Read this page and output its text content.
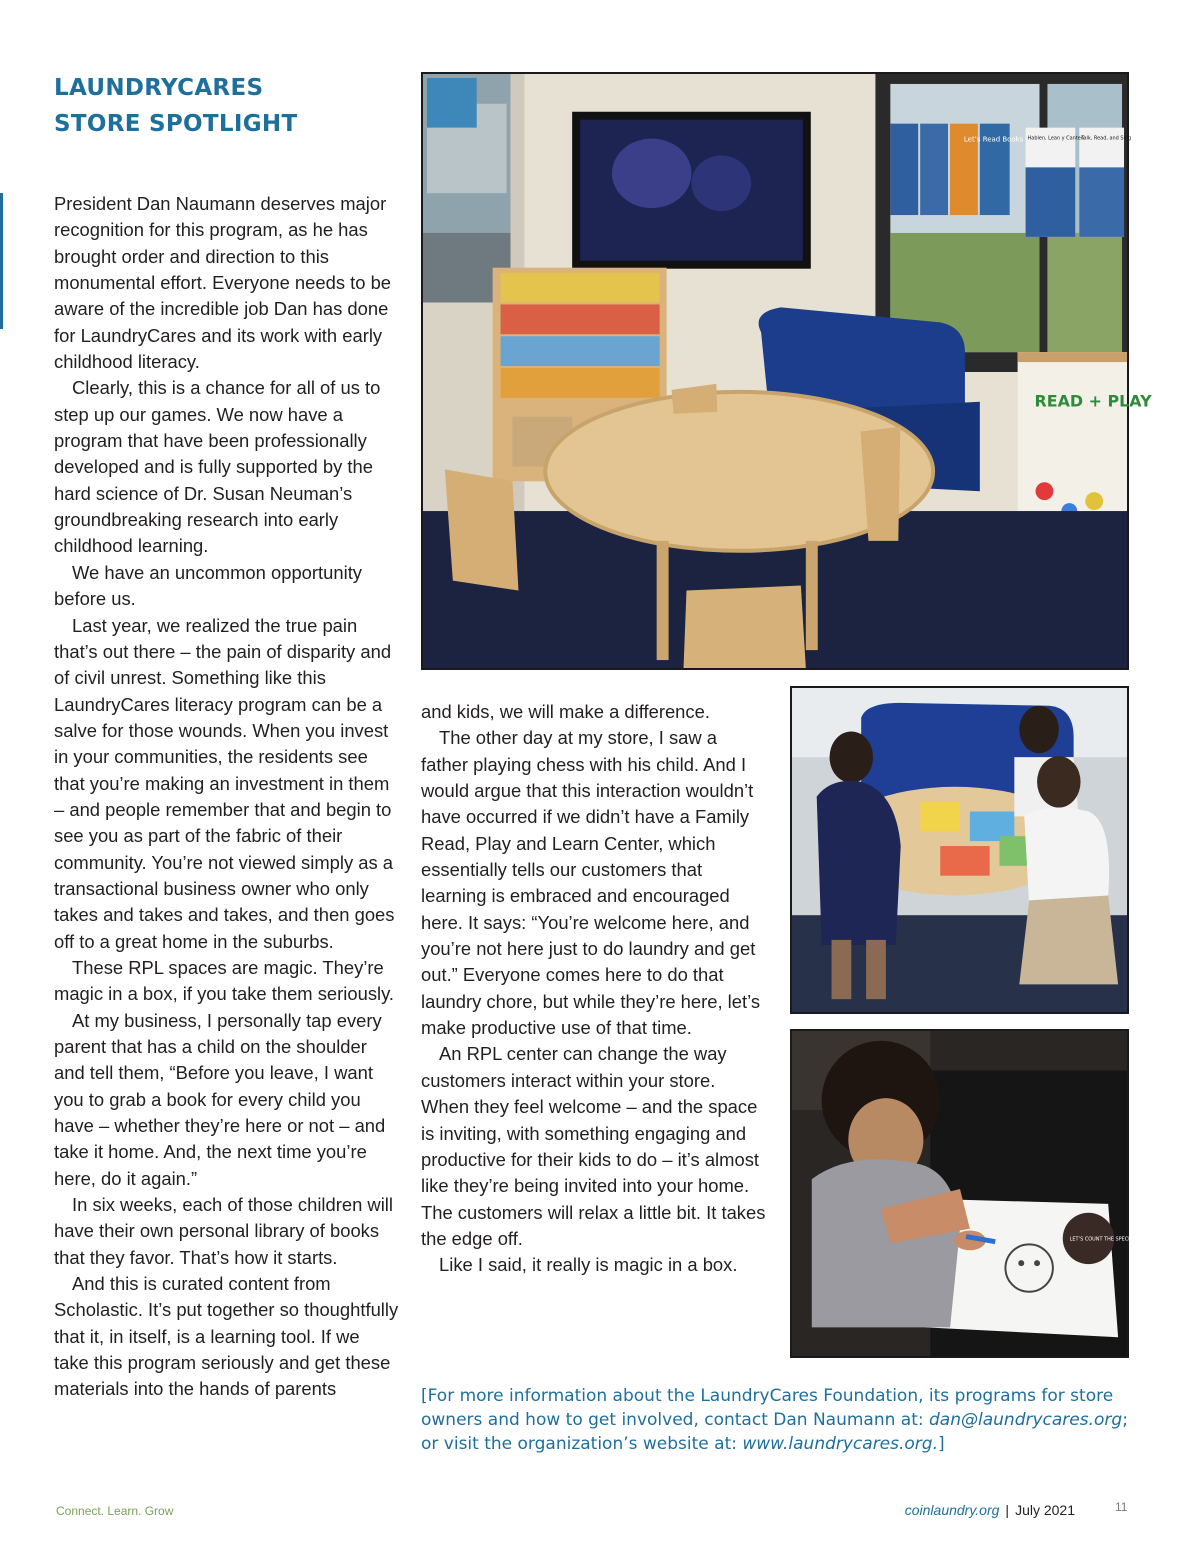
LAUNDRYCARES
STORE SPOTLIGHT

President Dan Naumann deserves major recognition for this program, as he has brought order and direction to this monumental effort. Everyone needs to be aware of the incredible job Dan has done for LaundryCares and its work with early childhood literacy.

Clearly, this is a chance for all of us to step up our games. We now have a program that have been professionally developed and is fully supported by the hard science of Dr. Susan Neuman’s groundbreaking research into early childhood learning.

We have an uncommon opportunity before us.

Last year, we realized the true pain that’s out there – the pain of disparity and of civil unrest. Something like this LaundryCares literacy program can be a salve for those wounds. When you invest in your communities, the residents see that you’re making an investment in them – and people remember that and begin to see you as part of the fabric of their community. You’re not viewed simply as a transactional business owner who only takes and takes and takes, and then goes off to a great home in the suburbs.

These RPL spaces are magic. They’re magic in a box, if you take them seriously.

At my business, I personally tap every parent that has a child on the shoulder and tell them, “Before you leave, I want you to grab a book for every child you have – whether they’re here or not – and take it home. And, the next time you’re here, do it again.”

In six weeks, each of those children will have their own personal library of books that they favor. That’s how it starts.

And this is curated content from Scholastic. It’s put together so thoughtfully that it, in itself, is a learning tool. If we take this program seriously and get these materials into the hands of parents

and kids, we will make a difference.

The other day at my store, I saw a father playing chess with his child. And I would argue that this interaction wouldn’t have occurred if we didn’t have a Family Read, Play and Learn Center, which essentially tells our customers that learning is embraced and encouraged here. It says: “You’re welcome here, and you’re not here just to do laundry and get out.” Everyone comes here to do that laundry chore, but while they’re here, let’s make productive use of that time.

An RPL center can change the way customers interact within your store. When they feel welcome – and the space is inviting, with something engaging and productive for their kids to do – it’s almost like they’re being invited into your home. The customers will relax a little bit. It takes the edge off.

Like I said, it really is magic in a box.

Let’s Read Books Hablen, Lean y Canten
Talk, Read, and Sing
READ + PLAY
LET’S COUNT THE SPECKS

[For more information about the LaundryCares Foundation, its programs for store owners and how to get involved, contact Dan Naumann at: dan@laundrycares.org; or visit the organization’s website at: www.laundrycares.org.]

Connect. Learn. Grow	coinlaundry.org | July 2021	11
